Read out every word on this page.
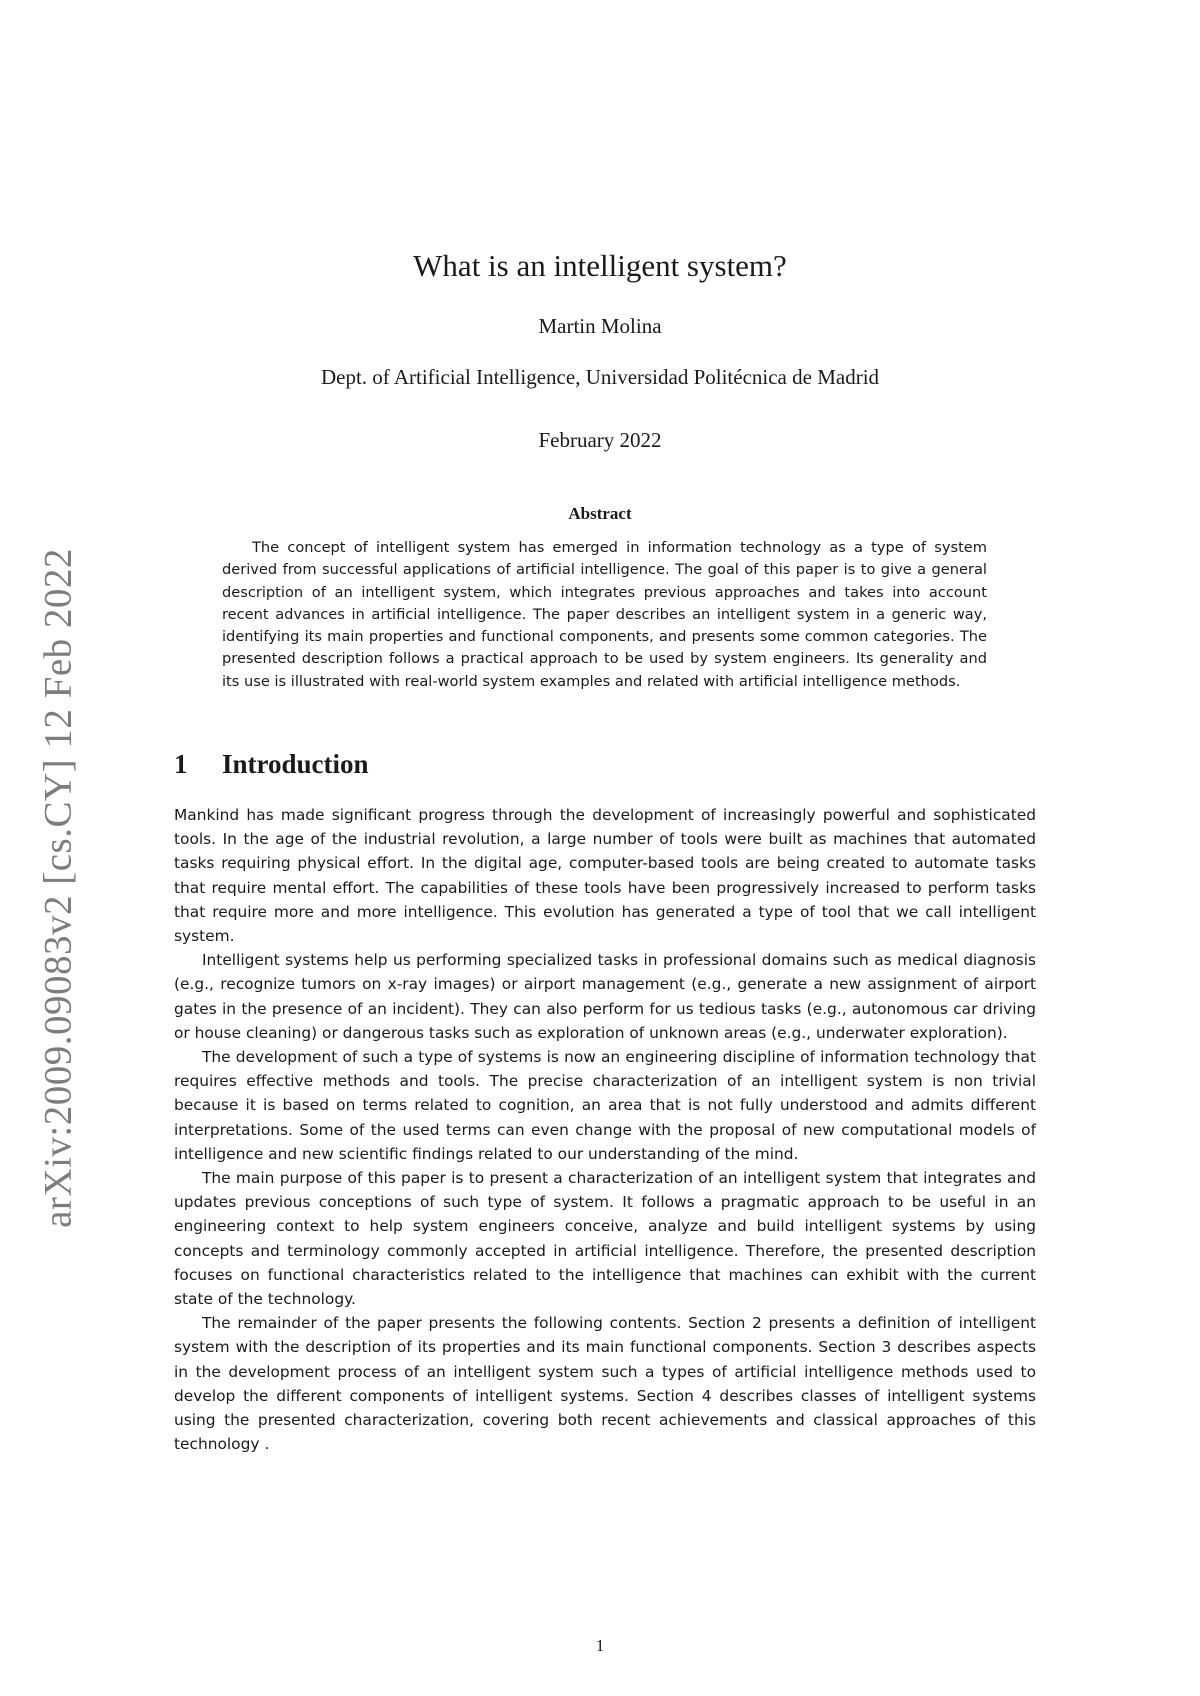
arXiv:2009.09083v2 [cs.CY] 12 Feb 2022
What is an intelligent system?
Martin Molina
Dept. of Artificial Intelligence, Universidad Politécnica de Madrid
February 2022
Abstract

The concept of intelligent system has emerged in information technology as a type of system derived from successful applications of artificial intelligence. The goal of this paper is to give a general description of an intelligent system, which integrates previous approaches and takes into account recent advances in artificial intelligence. The paper describes an intelligent system in a generic way, identifying its main properties and functional components, and presents some common categories. The presented description follows a practical approach to be used by system engineers. Its generality and its use is illustrated with real-world system examples and related with artificial intelligence methods.

1 Introduction

Mankind has made significant progress through the development of increasingly powerful and sophisticated tools. In the age of the industrial revolution, a large number of tools were built as machines that automated tasks requiring physical effort. In the digital age, computer-based tools are being created to automate tasks that require mental effort. The capabilities of these tools have been progressively increased to perform tasks that require more and more intelligence. This evolution has generated a type of tool that we call intelligent system.

Intelligent systems help us performing specialized tasks in professional domains such as medical diagnosis (e.g., recognize tumors on x-ray images) or airport management (e.g., generate a new assignment of airport gates in the presence of an incident). They can also perform for us tedious tasks (e.g., autonomous car driving or house cleaning) or dangerous tasks such as exploration of unknown areas (e.g., underwater exploration).

The development of such a type of systems is now an engineering discipline of information technology that requires effective methods and tools. The precise characterization of an intelligent system is non trivial because it is based on terms related to cognition, an area that is not fully understood and admits different interpretations. Some of the used terms can even change with the proposal of new computational models of intelligence and new scientific findings related to our understanding of the mind.

The main purpose of this paper is to present a characterization of an intelligent system that integrates and updates previous conceptions of such type of system. It follows a pragmatic approach to be useful in an engineering context to help system engineers conceive, analyze and build intelligent systems by using concepts and terminology commonly accepted in artificial intelligence. Therefore, the presented description focuses on functional characteristics related to the intelligence that machines can exhibit with the current state of the technology.

The remainder of the paper presents the following contents. Section 2 presents a definition of intelligent system with the description of its properties and its main functional components. Section 3 describes aspects in the development process of an intelligent system such a types of artificial intelligence methods used to develop the different components of intelligent systems. Section 4 describes classes of intelligent systems using the presented characterization, covering both recent achievements and classical approaches of this technology .

1
